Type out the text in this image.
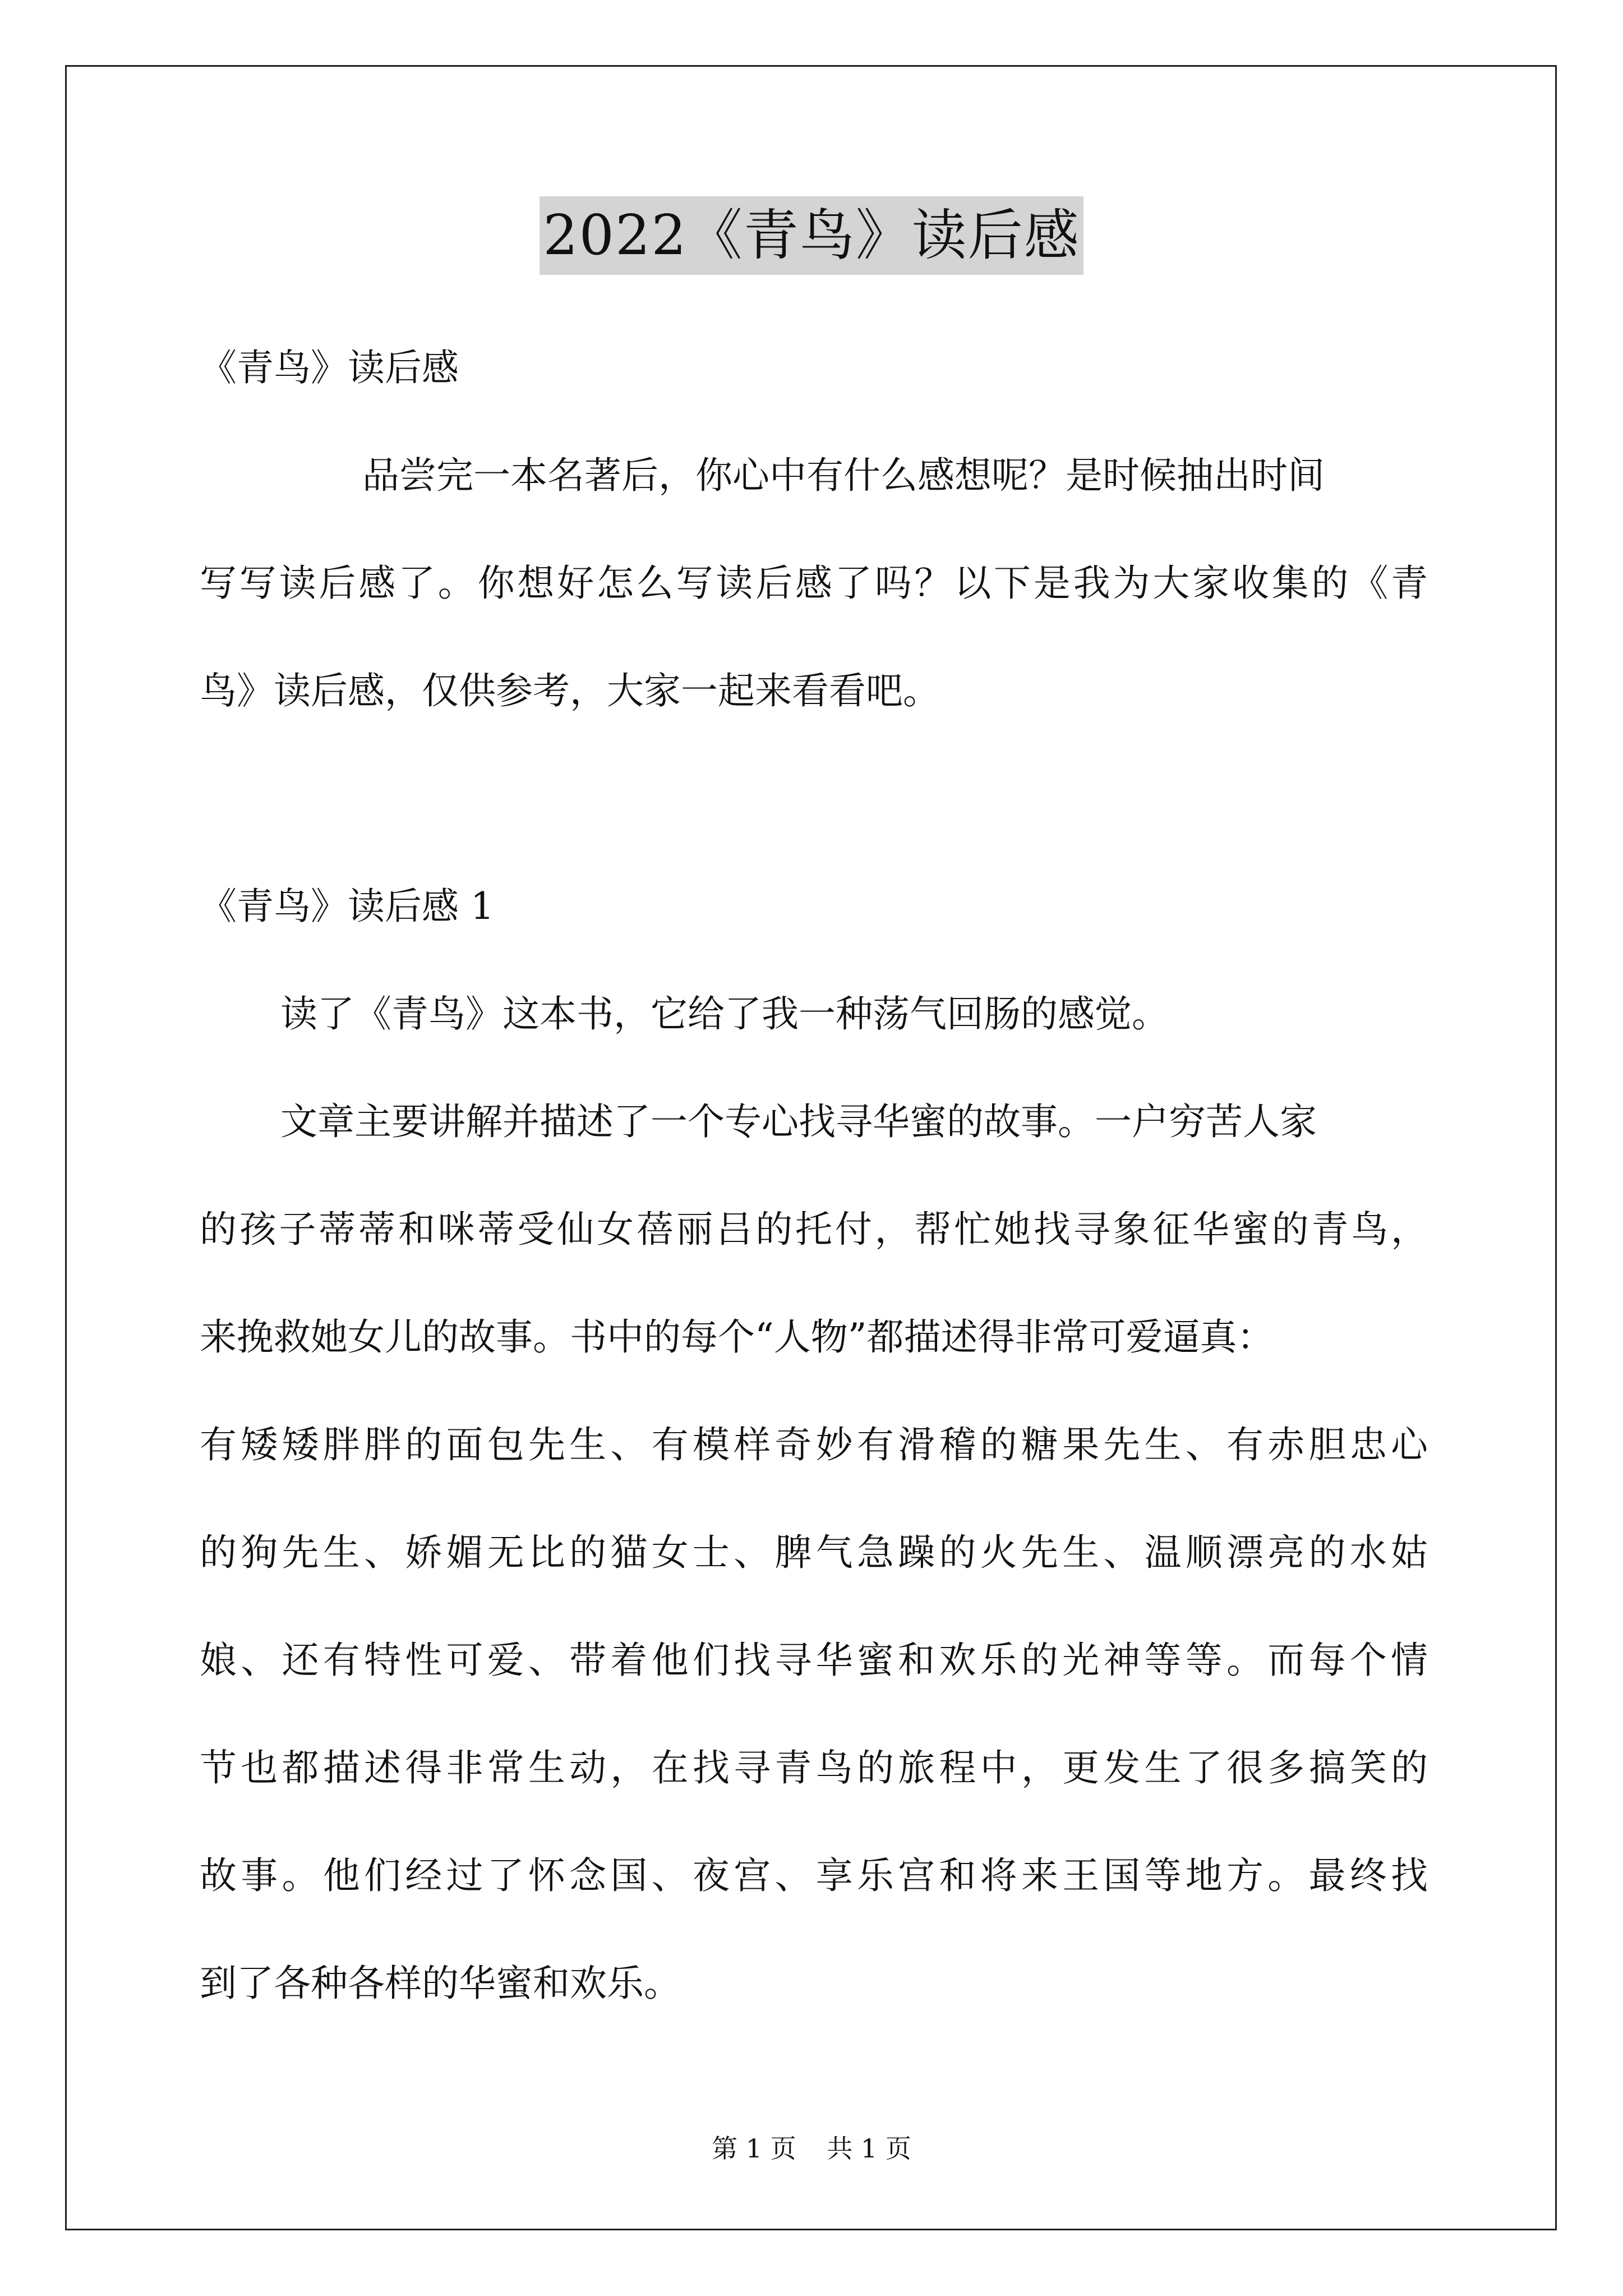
2022《青鸟》读后感
《青鸟》读后感
品尝完一本名著后，你心中有什么感想呢？是时候抽出时间
写写读后感了。你想好怎么写读后感了吗？以下是我为大家收集的《青
鸟》读后感，仅供参考，大家一起来看看吧。
《青鸟》读后感 1
读了《青鸟》这本书，它给了我一种荡气回肠的感觉。
文章主要讲解并描述了一个专心找寻华蜜的故事。一户穷苦人家
的孩子蒂蒂和咪蒂受仙女蓓丽吕的托付，帮忙她找寻象征华蜜的青鸟，
来挽救她女儿的故事。书中的每个“人物”都描述得非常可爱逼真：
有矮矮胖胖的面包先生、有模样奇妙有滑稽的糖果先生、有赤胆忠心
的狗先生、娇媚无比的猫女士、脾气急躁的火先生、温顺漂亮的水姑
娘、还有特性可爱、带着他们找寻华蜜和欢乐的光神等等。而每个情
节也都描述得非常生动，在找寻青鸟的旅程中，更发生了很多搞笑的
故事。他们经过了怀念国、夜宫、享乐宫和将来王国等地方。最终找
到了各种各样的华蜜和欢乐。
第 1 页 共 1 页
